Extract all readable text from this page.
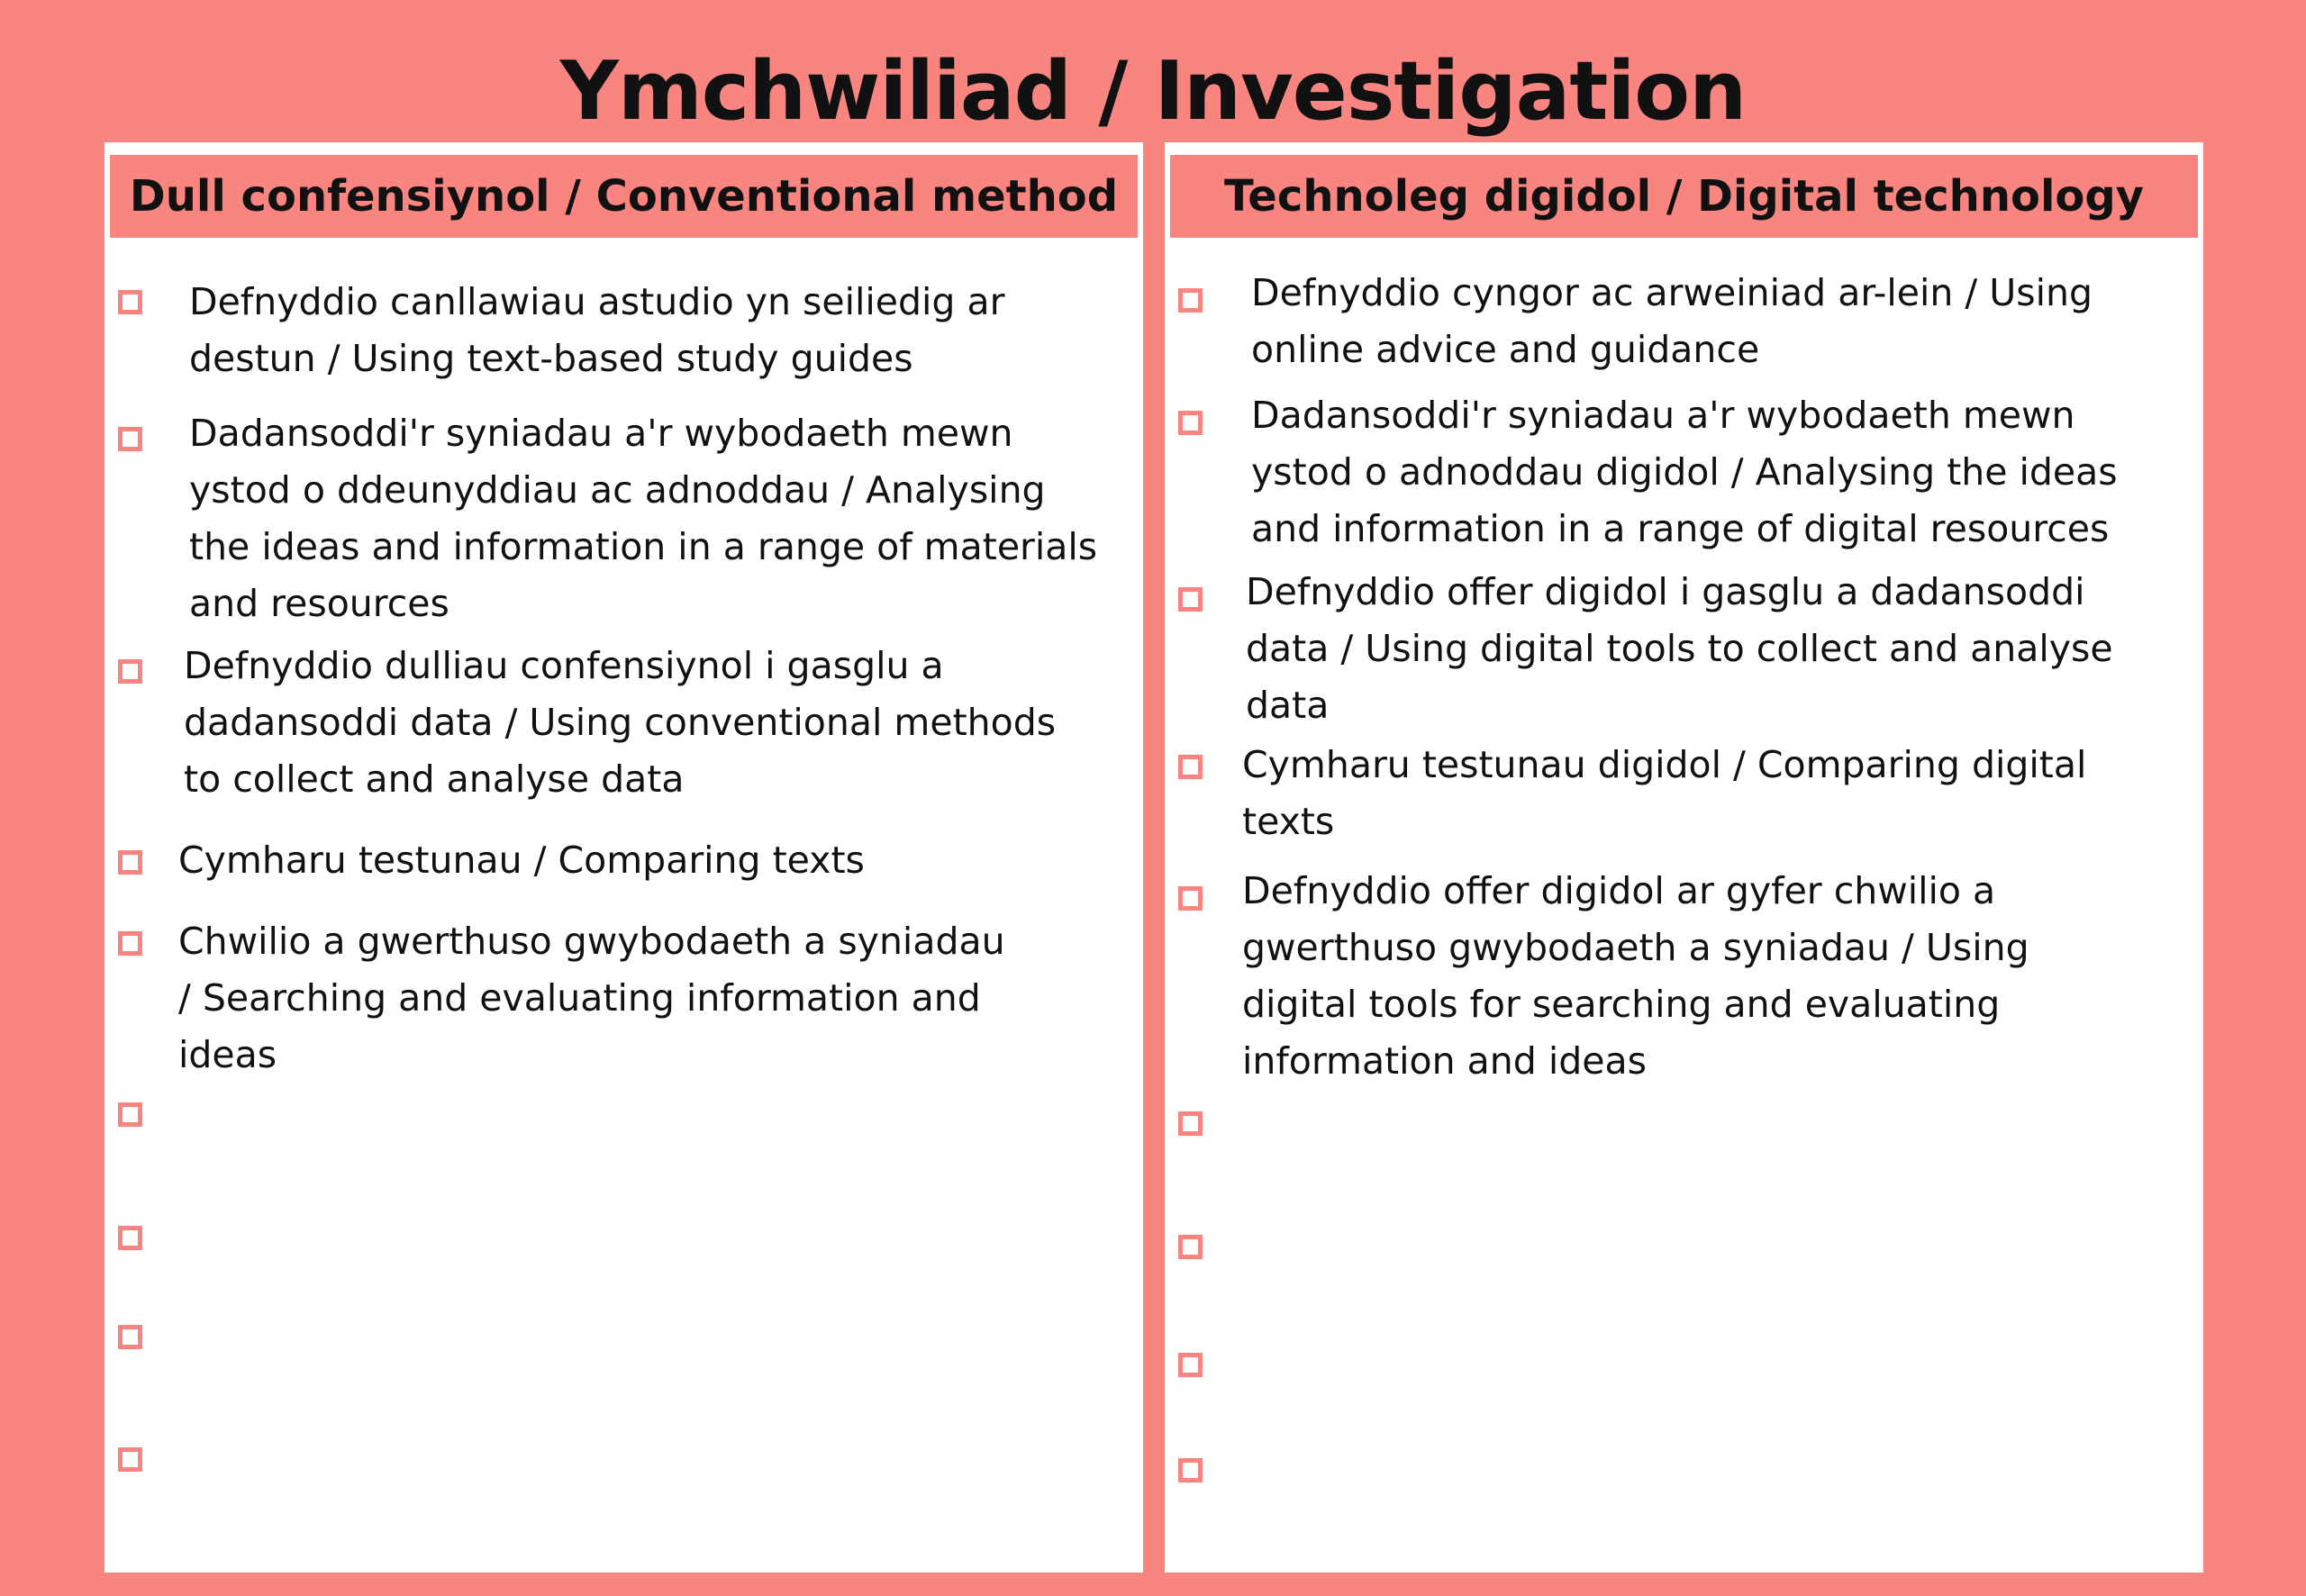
Ymchwiliad / Investigation
Dull confensiynol / Conventional method
Defnyddio canllawiau astudio yn seiliedig ar
destun / Using text-based study guides
Dadansoddi'r syniadau a'r wybodaeth mewn
ystod o ddeunyddiau ac adnoddau / Analysing
the ideas and information in a range of materials
and resources
Defnyddio dulliau confensiynol i gasglu a
dadansoddi data / Using conventional methods
to collect and analyse data
Cymharu testunau / Comparing texts
Chwilio a gwerthuso gwybodaeth a syniadau
/ Searching and evaluating information and
ideas
Technoleg digidol / Digital technology
Defnyddio cyngor ac arweiniad ar-lein / Using
online advice and guidance
Dadansoddi'r syniadau a'r wybodaeth mewn
ystod o adnoddau digidol / Analysing the ideas
and information in a range of digital resources
Defnyddio offer digidol i gasglu a dadansoddi
data / Using digital tools to collect and analyse
data
Cymharu testunau digidol / Comparing digital
texts
Defnyddio offer digidol ar gyfer chwilio a
gwerthuso gwybodaeth a syniadau / Using
digital tools for searching and evaluating
information and ideas
